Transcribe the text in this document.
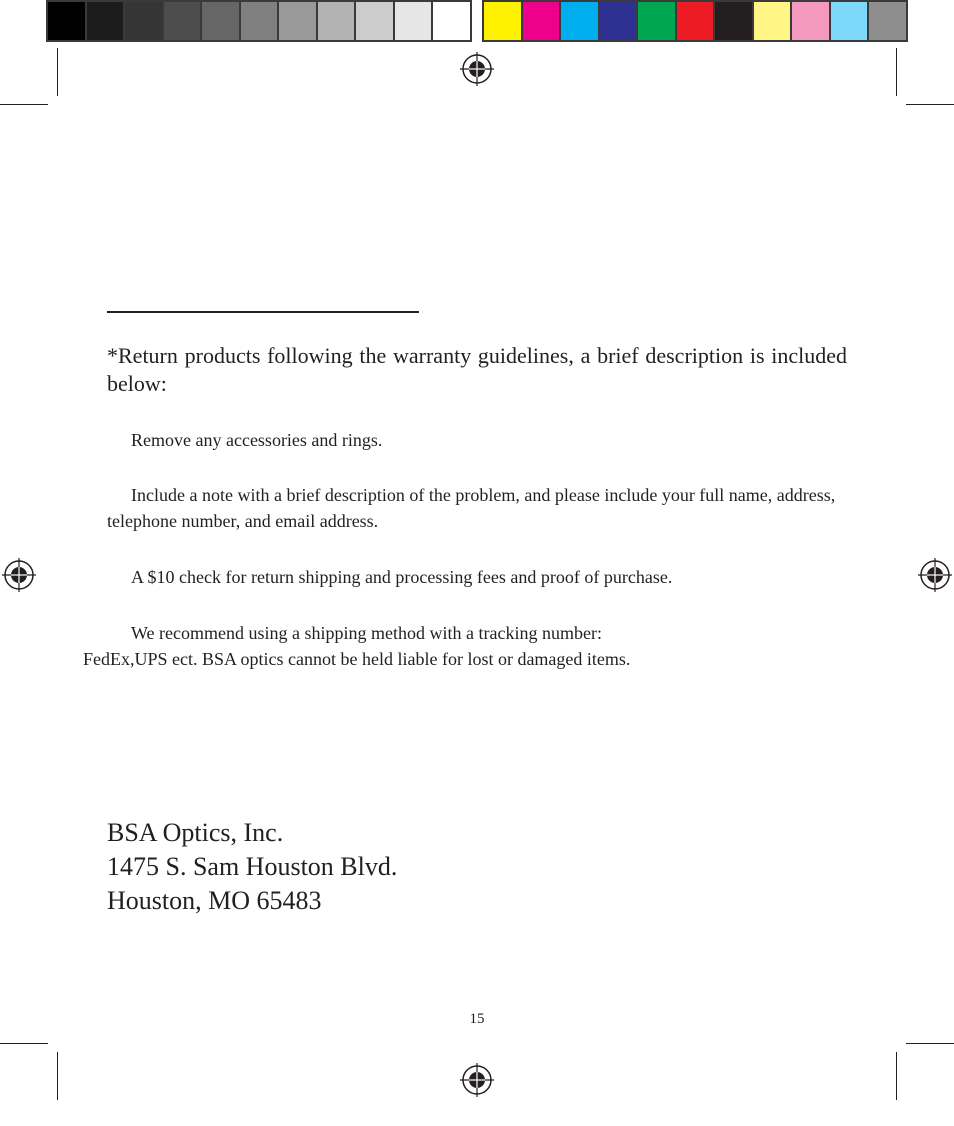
*Return products following the warranty guidelines, a brief description is included below:

Remove any accessories and rings.

Include a note with a brief description of the problem, and please include your full name, address, telephone number, and email address.

A $10 check for return shipping and processing fees and proof of purchase.

We recommend using a shipping method with a tracking number:
FedEx,UPS ect. BSA optics cannot be held liable for lost or damaged items.

BSA Optics, Inc.
1475 S. Sam Houston Blvd.
Houston, MO 65483
15
